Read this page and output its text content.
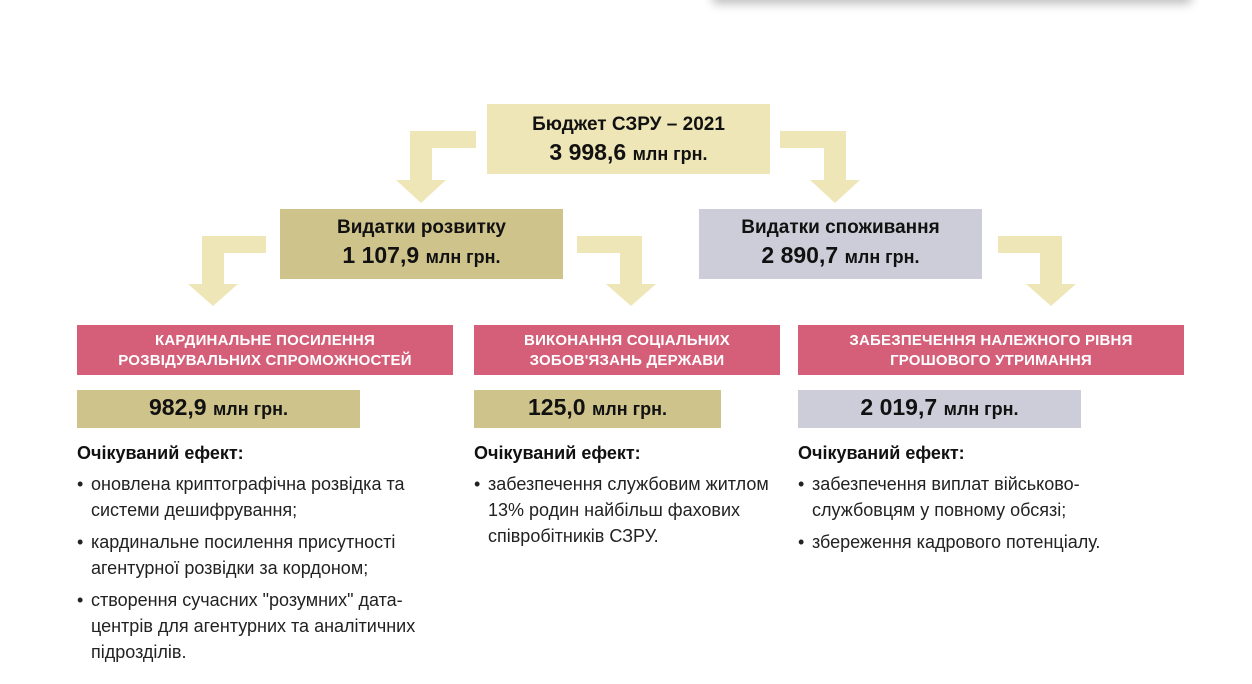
Бюджет СЗРУ – 2021
3 998,6 млн грн.
Видатки розвитку
1 107,9 млн грн.
Видатки споживання
2 890,7 млн грн.
КАРДИНАЛЬНЕ ПОСИЛЕННЯ
РОЗВІДУВАЛЬНИХ СПРОМОЖНОСТЕЙ
982,9 млн грн.
Очікуваний ефект:
• оновлена криптографічна розвідка та системи дешифрування;
• кардинальне посилення присутності агентурної розвідки за кордоном;
• створення сучасних "розумних" дата-центрів для агентурних та аналітичних підрозділів.
ВИКОНАННЯ СОЦІАЛЬНИХ
ЗОБОВ'ЯЗАНЬ ДЕРЖАВИ
125,0 млн грн.
Очікуваний ефект:
• забезпечення службовим житлом 13% родин найбільш фахових співробітників СЗРУ.
ЗАБЕЗПЕЧЕННЯ НАЛЕЖНОГО РІВНЯ
ГРОШОВОГО УТРИМАННЯ
2 019,7 млн грн.
Очікуваний ефект:
• забезпечення виплат військово-службовцям у повному обсязі;
• збереження кадрового потенціалу.
